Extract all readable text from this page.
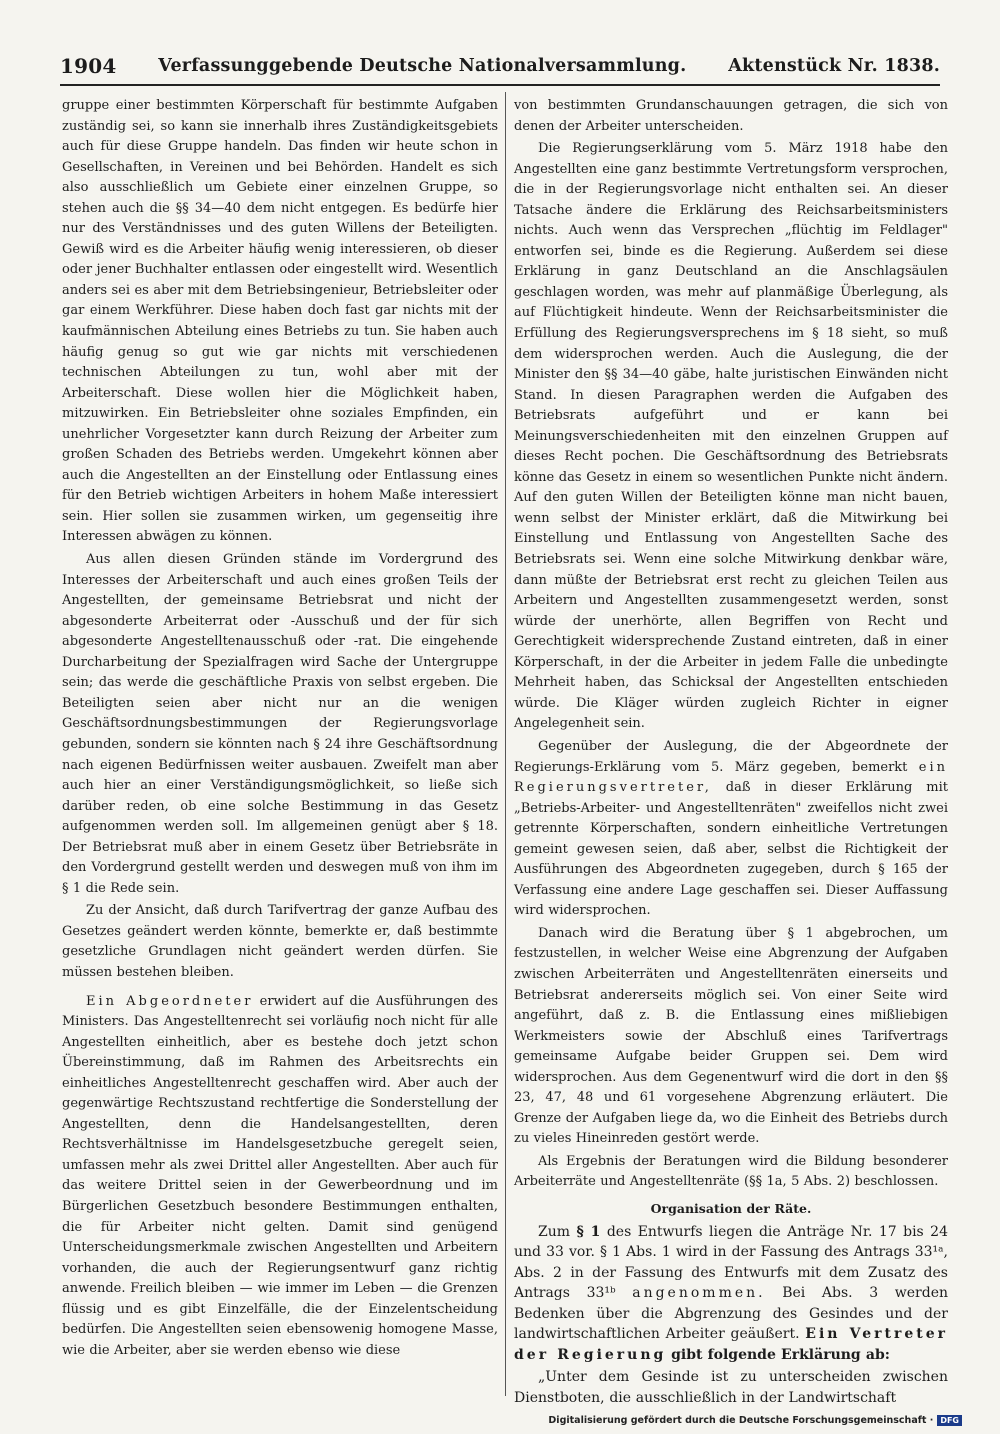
1904	Verfassunggebende Deutsche Nationalversammlung.	Aktenstück Nr. 1838.

gruppe einer bestimmten Körperschaft für bestimmte Aufgaben zuständig sei, so kann sie innerhalb ihres Zuständigkeitsgebiets auch für diese Gruppe handeln. Das finden wir heute schon in Gesellschaften, in Vereinen und bei Behörden. Handelt es sich also ausschließlich um Gebiete einer einzelnen Gruppe, so stehen auch die §§ 34—40 dem nicht entgegen. Es bedürfe hier nur des Verständnisses und des guten Willens der Beteiligten. Gewiß wird es die Arbeiter häufig wenig interessieren, ob dieser oder jener Buchhalter entlassen oder eingestellt wird. Wesentlich anders sei es aber mit dem Betriebsingenieur, Betriebsleiter oder gar einem Werkführer. Diese haben doch fast gar nichts mit der kaufmännischen Abteilung eines Betriebs zu tun. Sie haben auch häufig genug so gut wie gar nichts mit verschiedenen technischen Abteilungen zu tun, wohl aber mit der Arbeiterschaft. Diese wollen hier die Möglichkeit haben, mitzuwirken. Ein Betriebsleiter ohne soziales Empfinden, ein unehrlicher Vorgesetzter kann durch Reizung der Arbeiter zum großen Schaden des Betriebs werden. Umgekehrt können aber auch die Angestellten an der Einstellung oder Entlassung eines für den Betrieb wichtigen Arbeiters in hohem Maße interessiert sein. Hier sollen sie zusammen wirken, um gegenseitig ihre Interessen abwägen zu können.

Aus allen diesen Gründen stände im Vordergrund des Interesses der Arbeiterschaft und auch eines großen Teils der Angestellten, der gemeinsame Betriebsrat und nicht der abgesonderte Arbeiterrat oder -Ausschuß und der für sich abgesonderte Angestelltenausschuß oder -rat. Die eingehende Durcharbeitung der Spezialfragen wird Sache der Untergruppe sein; das werde die geschäftliche Praxis von selbst ergeben. Die Beteiligten seien aber nicht nur an die wenigen Geschäftsordnungsbestimmungen der Regierungsvorlage gebunden, sondern sie könnten nach § 24 ihre Geschäftsordnung nach eigenen Bedürfnissen weiter ausbauen. Zweifelt man aber auch hier an einer Verständigungsmöglichkeit, so ließe sich darüber reden, ob eine solche Bestimmung in das Gesetz aufgenommen werden soll. Im allgemeinen genügt aber § 18. Der Betriebsrat muß aber in einem Gesetz über Betriebsräte in den Vordergrund gestellt werden und deswegen muß von ihm im § 1 die Rede sein.

Zu der Ansicht, daß durch Tarifvertrag der ganze Aufbau des Gesetzes geändert werden könnte, bemerkte er, daß bestimmte gesetzliche Grundlagen nicht geändert werden dürfen. Sie müssen bestehen bleiben.

Ein Abgeordneter erwidert auf die Ausführungen des Ministers. Das Angestelltenrecht sei vorläufig noch nicht für alle Angestellten einheitlich, aber es bestehe doch jetzt schon Übereinstimmung, daß im Rahmen des Arbeitsrechts ein einheitliches Angestelltenrecht geschaffen wird. Aber auch der gegenwärtige Rechtszustand rechtfertige die Sonderstellung der Angestellten, denn die Handelsangestellten, deren Rechtsverhältnisse im Handelsgesetzbuche geregelt seien, umfassen mehr als zwei Drittel aller Angestellten. Aber auch für das weitere Drittel seien in der Gewerbeordnung und im Bürgerlichen Gesetzbuch besondere Bestimmungen enthalten, die für Arbeiter nicht gelten. Damit sind genügend Unterscheidungsmerkmale zwischen Angestellten und Arbeitern vorhanden, die auch der Regierungsentwurf ganz richtig anwende. Freilich bleiben — wie immer im Leben — die Grenzen flüssig und es gibt Einzelfälle, die der Einzelentscheidung bedürfen. Die Angestellten seien ebensowenig homogene Masse, wie die Arbeiter, aber sie werden ebenso wie diese

von bestimmten Grundanschauungen getragen, die sich von denen der Arbeiter unterscheiden.

Die Regierungserklärung vom 5. März 1918 habe den Angestellten eine ganz bestimmte Vertretungsform versprochen, die in der Regierungsvorlage nicht enthalten sei. An dieser Tatsache ändere die Erklärung des Reichsarbeitsministers nichts. Auch wenn das Versprechen „flüchtig im Feldlager" entworfen sei, binde es die Regierung. Außerdem sei diese Erklärung in ganz Deutschland an die Anschlagsäulen geschlagen worden, was mehr auf planmäßige Überlegung, als auf Flüchtigkeit hindeute. Wenn der Reichsarbeitsminister die Erfüllung des Regierungsversprechens im § 18 sieht, so muß dem widersprochen werden. Auch die Auslegung, die der Minister den §§ 34—40 gäbe, halte juristischen Einwänden nicht Stand. In diesen Paragraphen werden die Aufgaben des Betriebsrats aufgeführt und er kann bei Meinungsverschiedenheiten mit den einzelnen Gruppen auf dieses Recht pochen. Die Geschäftsordnung des Betriebsrats könne das Gesetz in einem so wesentlichen Punkte nicht ändern. Auf den guten Willen der Beteiligten könne man nicht bauen, wenn selbst der Minister erklärt, daß die Mitwirkung bei Einstellung und Entlassung von Angestellten Sache des Betriebsrats sei. Wenn eine solche Mitwirkung denkbar wäre, dann müßte der Betriebsrat erst recht zu gleichen Teilen aus Arbeitern und Angestellten zusammengesetzt werden, sonst würde der unerhörte, allen Begriffen von Recht und Gerechtigkeit widersprechende Zustand eintreten, daß in einer Körperschaft, in der die Arbeiter in jedem Falle die unbedingte Mehrheit haben, das Schicksal der Angestellten entschieden würde. Die Kläger würden zugleich Richter in eigner Angelegenheit sein.

Gegenüber der Auslegung, die der Abgeordnete der Regierungs-Erklärung vom 5. März gegeben, bemerkt ein Regierungsvertreter, daß in dieser Erklärung mit „Betriebs-Arbeiter- und Angestelltenräten" zweifellos nicht zwei getrennte Körperschaften, sondern einheitliche Vertretungen gemeint gewesen seien, daß aber, selbst die Richtigkeit der Ausführungen des Abgeordneten zugegeben, durch § 165 der Verfassung eine andere Lage geschaffen sei. Dieser Auffassung wird widersprochen.

Danach wird die Beratung über § 1 abgebrochen, um festzustellen, in welcher Weise eine Abgrenzung der Aufgaben zwischen Arbeiterräten und Angestelltenräten einerseits und Betriebsrat andererseits möglich sei. Von einer Seite wird angeführt, daß z. B. die Entlassung eines mißliebigen Werkmeisters sowie der Abschluß eines Tarifvertrags gemeinsame Aufgabe beider Gruppen sei. Dem wird widersprochen. Aus dem Gegenentwurf wird die dort in den §§ 23, 47, 48 und 61 vorgesehene Abgrenzung erläutert. Die Grenze der Aufgaben liege da, wo die Einheit des Betriebs durch zu vieles Hineinreden gestört werde.

Als Ergebnis der Beratungen wird die Bildung besonderer Arbeiterräte und Angestelltenräte (§§ 1a, 5 Abs. 2) beschlossen.

Organisation der Räte.

Zum § 1 des Entwurfs liegen die Anträge Nr. 17 bis 24 und 33 vor. § 1 Abs. 1 wird in der Fassung des Antrags 33¹ᵃ, Abs. 2 in der Fassung des Entwurfs mit dem Zusatz des Antrags 33¹ᵇ angenommen. Bei Abs. 3 werden Bedenken über die Abgrenzung des Gesindes und der landwirtschaftlichen Arbeiter geäußert. Ein Vertreter der Regierung gibt folgende Erklärung ab:

„Unter dem Gesinde ist zu unterscheiden zwischen Dienstboten, die ausschließlich in der Landwirtschaft

Digitalisierung gefördert durch die Deutsche Forschungsgemeinschaft · DFG
